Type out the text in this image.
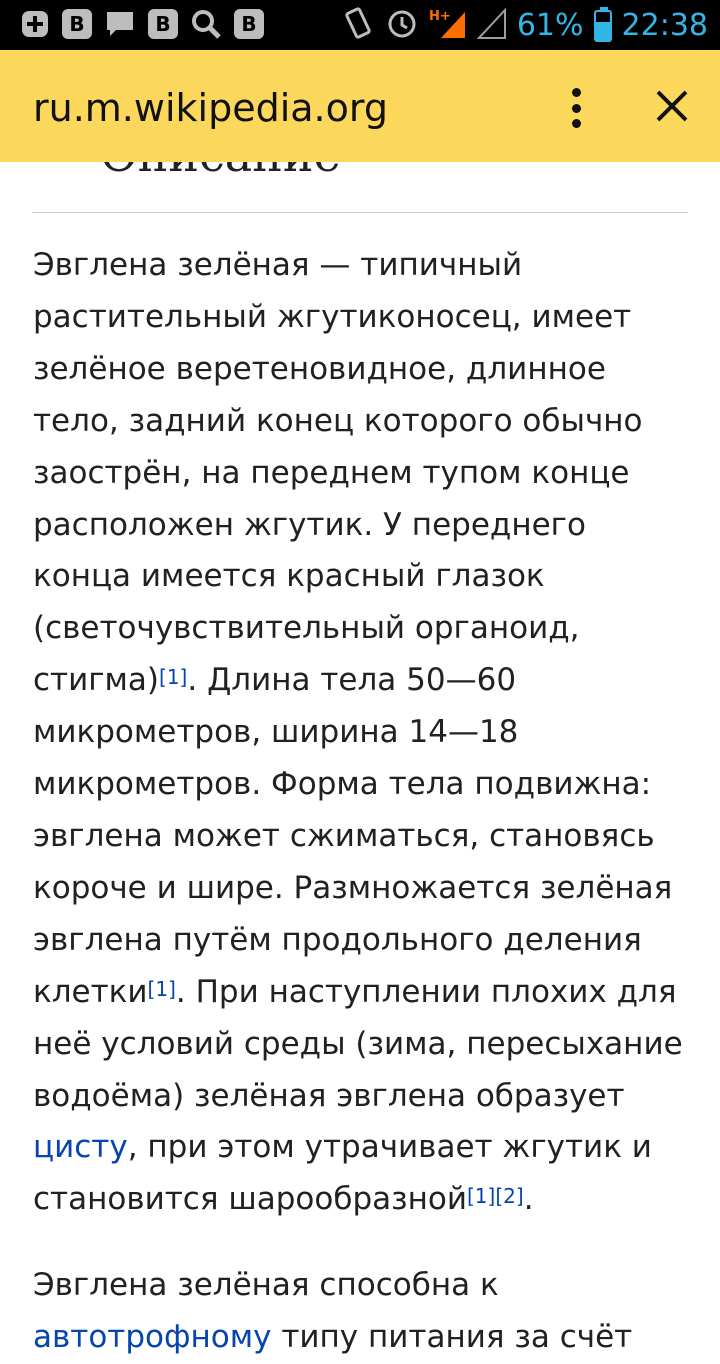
B	B	B	H+ 61% 22:38
ru.m.wikipedia.org

Эвглена зелёная — типичный растительный жгутиконосец, имеет зелёное веретеновидное, длинное тело, задний конец которого обычно заострён, на переднем тупом конце расположен жгутик. У переднего конца имеется красный глазок (светочувствительный органоид, стигма)[1]. Длина тела 50—60 микрометров, ширина 14—18 микрометров. Форма тела подвижна: эвглена может сжиматься, становясь короче и шире. Размножается зелёная эвглена путём продольного деления клетки[1]. При наступлении плохих для неё условий среды (зима, пересыхание водоёма) зелёная эвглена образует цисту, при этом утрачивает жгутик и становится шарообразной[1][2].

Эвглена зелёная способна к автотрофному типу питания за счёт
